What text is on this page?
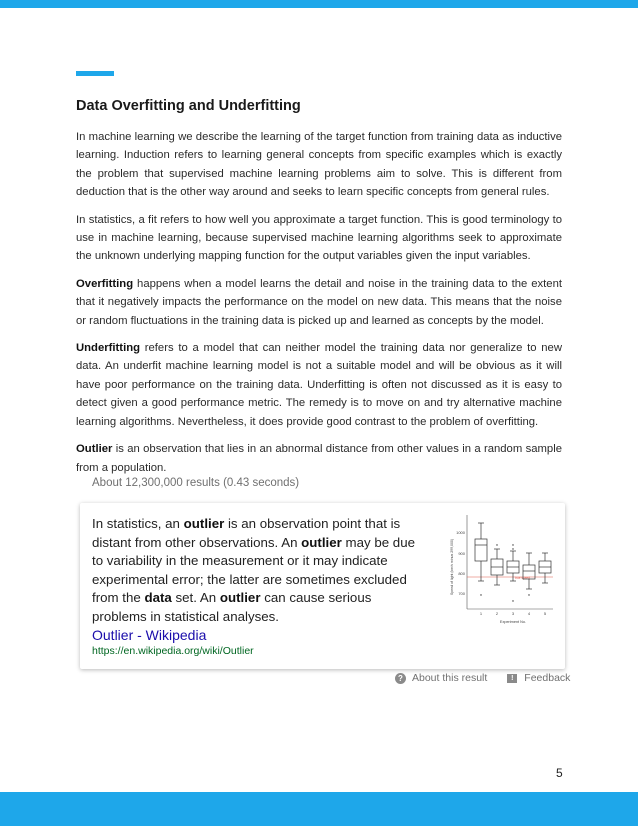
Data Overfitting and Underfitting

In machine learning we describe the learning of the target function from training data as inductive learning. Induction refers to learning general concepts from specific examples which is exactly the problem that supervised machine learning problems aim to solve. This is different from deduction that is the other way around and seeks to learn specific concepts from general rules.

In statistics, a fit refers to how well you approximate a target function. This is good terminology to use in machine learning, because supervised machine learning algorithms seek to approximate the unknown underlying mapping function for the output variables given the input variables.

Overfitting happens when a model learns the detail and noise in the training data to the extent that it negatively impacts the performance on the model on new data. This means that the noise or random fluctuations in the training data is picked up and learned as concepts by the model.

Underfitting refers to a model that can neither model the training data nor generalize to new data. An underfit machine learning model is not a suitable model and will be obvious as it will have poor performance on the training data. Underfitting is often not discussed as it is easy to detect given a good performance metric. The remedy is to move on and try alternative machine learning algorithms. Nevertheless, it does provide good contrast to the problem of overfitting.

Outlier is an observation that lies in an abnormal distance from other values in a random sample from a population.

About 12,300,000 results (0.43 seconds)
In statistics, an outlier is an observation point that is distant from other observations. An outlier may be due to variability in the measurement or it may indicate experimental error; the latter are sometimes excluded from the data set. An outlier can cause serious problems in statistical analyses.
Speed of light (km/s minus 299,000)
1000
900
800
700
true speed
1	2	3	4	5
Experiment No.
Outlier - Wikipedia
https://en.wikipedia.org/wiki/Outlier
? About this result	!	Feedback
5
